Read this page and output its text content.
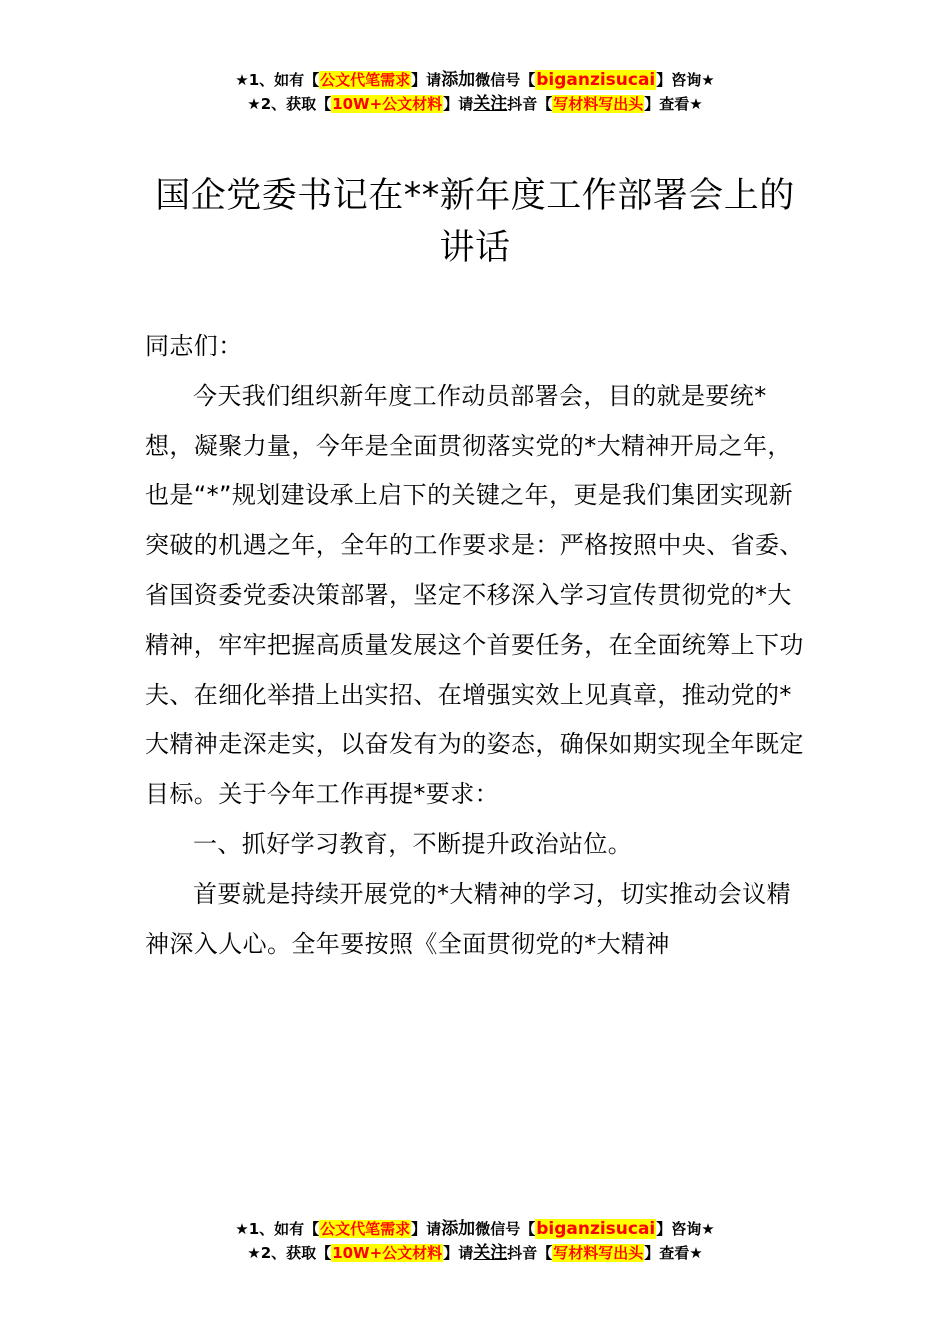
★1、如有【公文代笔需求】请添加微信号【biganzisucai】咨询★
★2、获取【10W+公文材料】请关注抖音【写材料写出头】查看★
国企党委书记在**新年度工作部署会上的
讲话

同志们：

今天我们组织新年度工作动员部署会，目的就是要统*想，凝聚力量，今年是全面贯彻落实党的*大精神开局之年，也是“*”规划建设承上启下的关键之年，更是我们集团实现新突破的机遇之年，全年的工作要求是：严格按照中央、省委、省国资委党委决策部署，坚定不移深入学习宣传贯彻党的*大精神，牢牢把握高质量发展这个首要任务，在全面统筹上下功夫、在细化举措上出实招、在增强实效上见真章，推动党的*大精神走深走实，以奋发有为的姿态，确保如期实现全年既定目标。关于今年工作再提*要求：

一、抓好学习教育，不断提升政治站位。

首要就是持续开展党的*大精神的学习，切实推动会议精神深入人心。全年要按照《全面贯彻党的*大精神

★1、如有【公文代笔需求】请添加微信号【biganzisucai】咨询★
★2、获取【10W+公文材料】请关注抖音【写材料写出头】查看★
